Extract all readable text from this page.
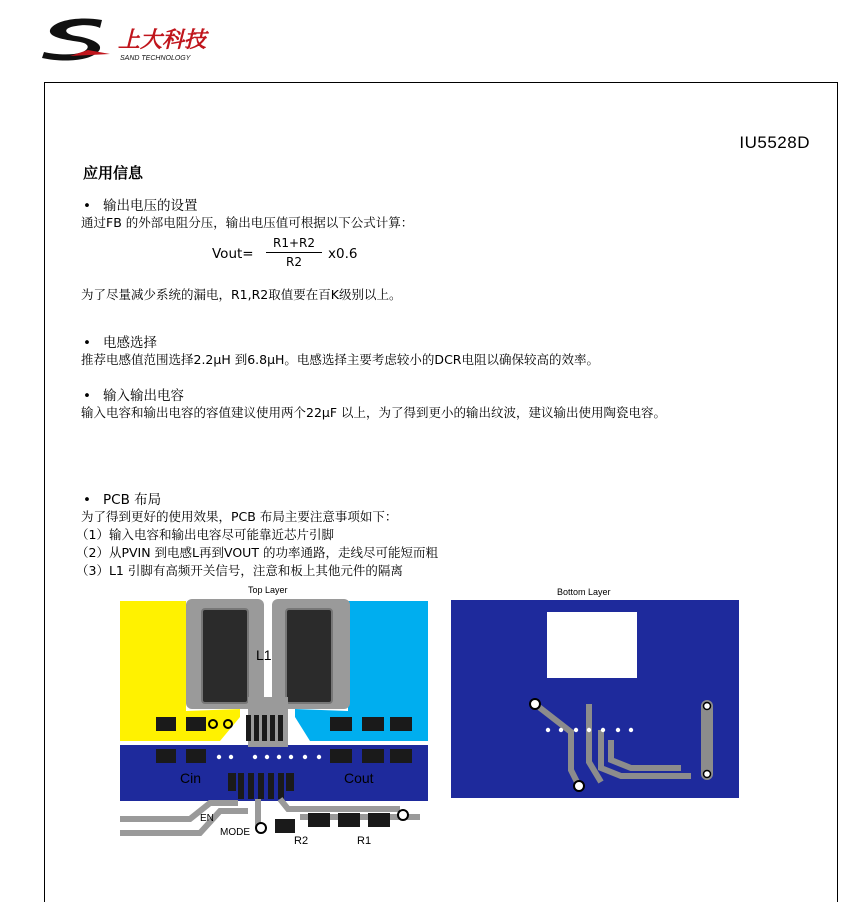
上大科技
SAND TECHNOLOGY
IU5528D
应用信息
• 输出电压的设置
通过FB 的外部电阻分压，输出电压值可根据以下公式计算：
Vout= $\frac{R1+R2}{R2} x0.6$
为了尽量减少系统的漏电，R1,R2取值要在百K级别以上。
• 电感选择
推荐电感值范围选择2.2μH 到6.8μH。电感选择主要考虑较小的DCR电阻以确保较高的效率。
• 输入输出电容
输入电容和输出电容的容值建议使用两个22μF 以上，为了得到更小的输出纹波，建议输出使用陶瓷电容。
• PCB 布局
为了得到更好的使用效果，PCB 布局主要注意事项如下：
（1）输入电容和输出电容尽可能靠近芯片引脚
（2）从PVIN 到电感L再到VOUT 的功率通路，走线尽可能短而粗
（3）L1 引脚有高频开关信号，注意和板上其他元件的隔离
Top Layer
L1
Cin	Cout
EN
MODE
R2	R1
Bottom Layer
